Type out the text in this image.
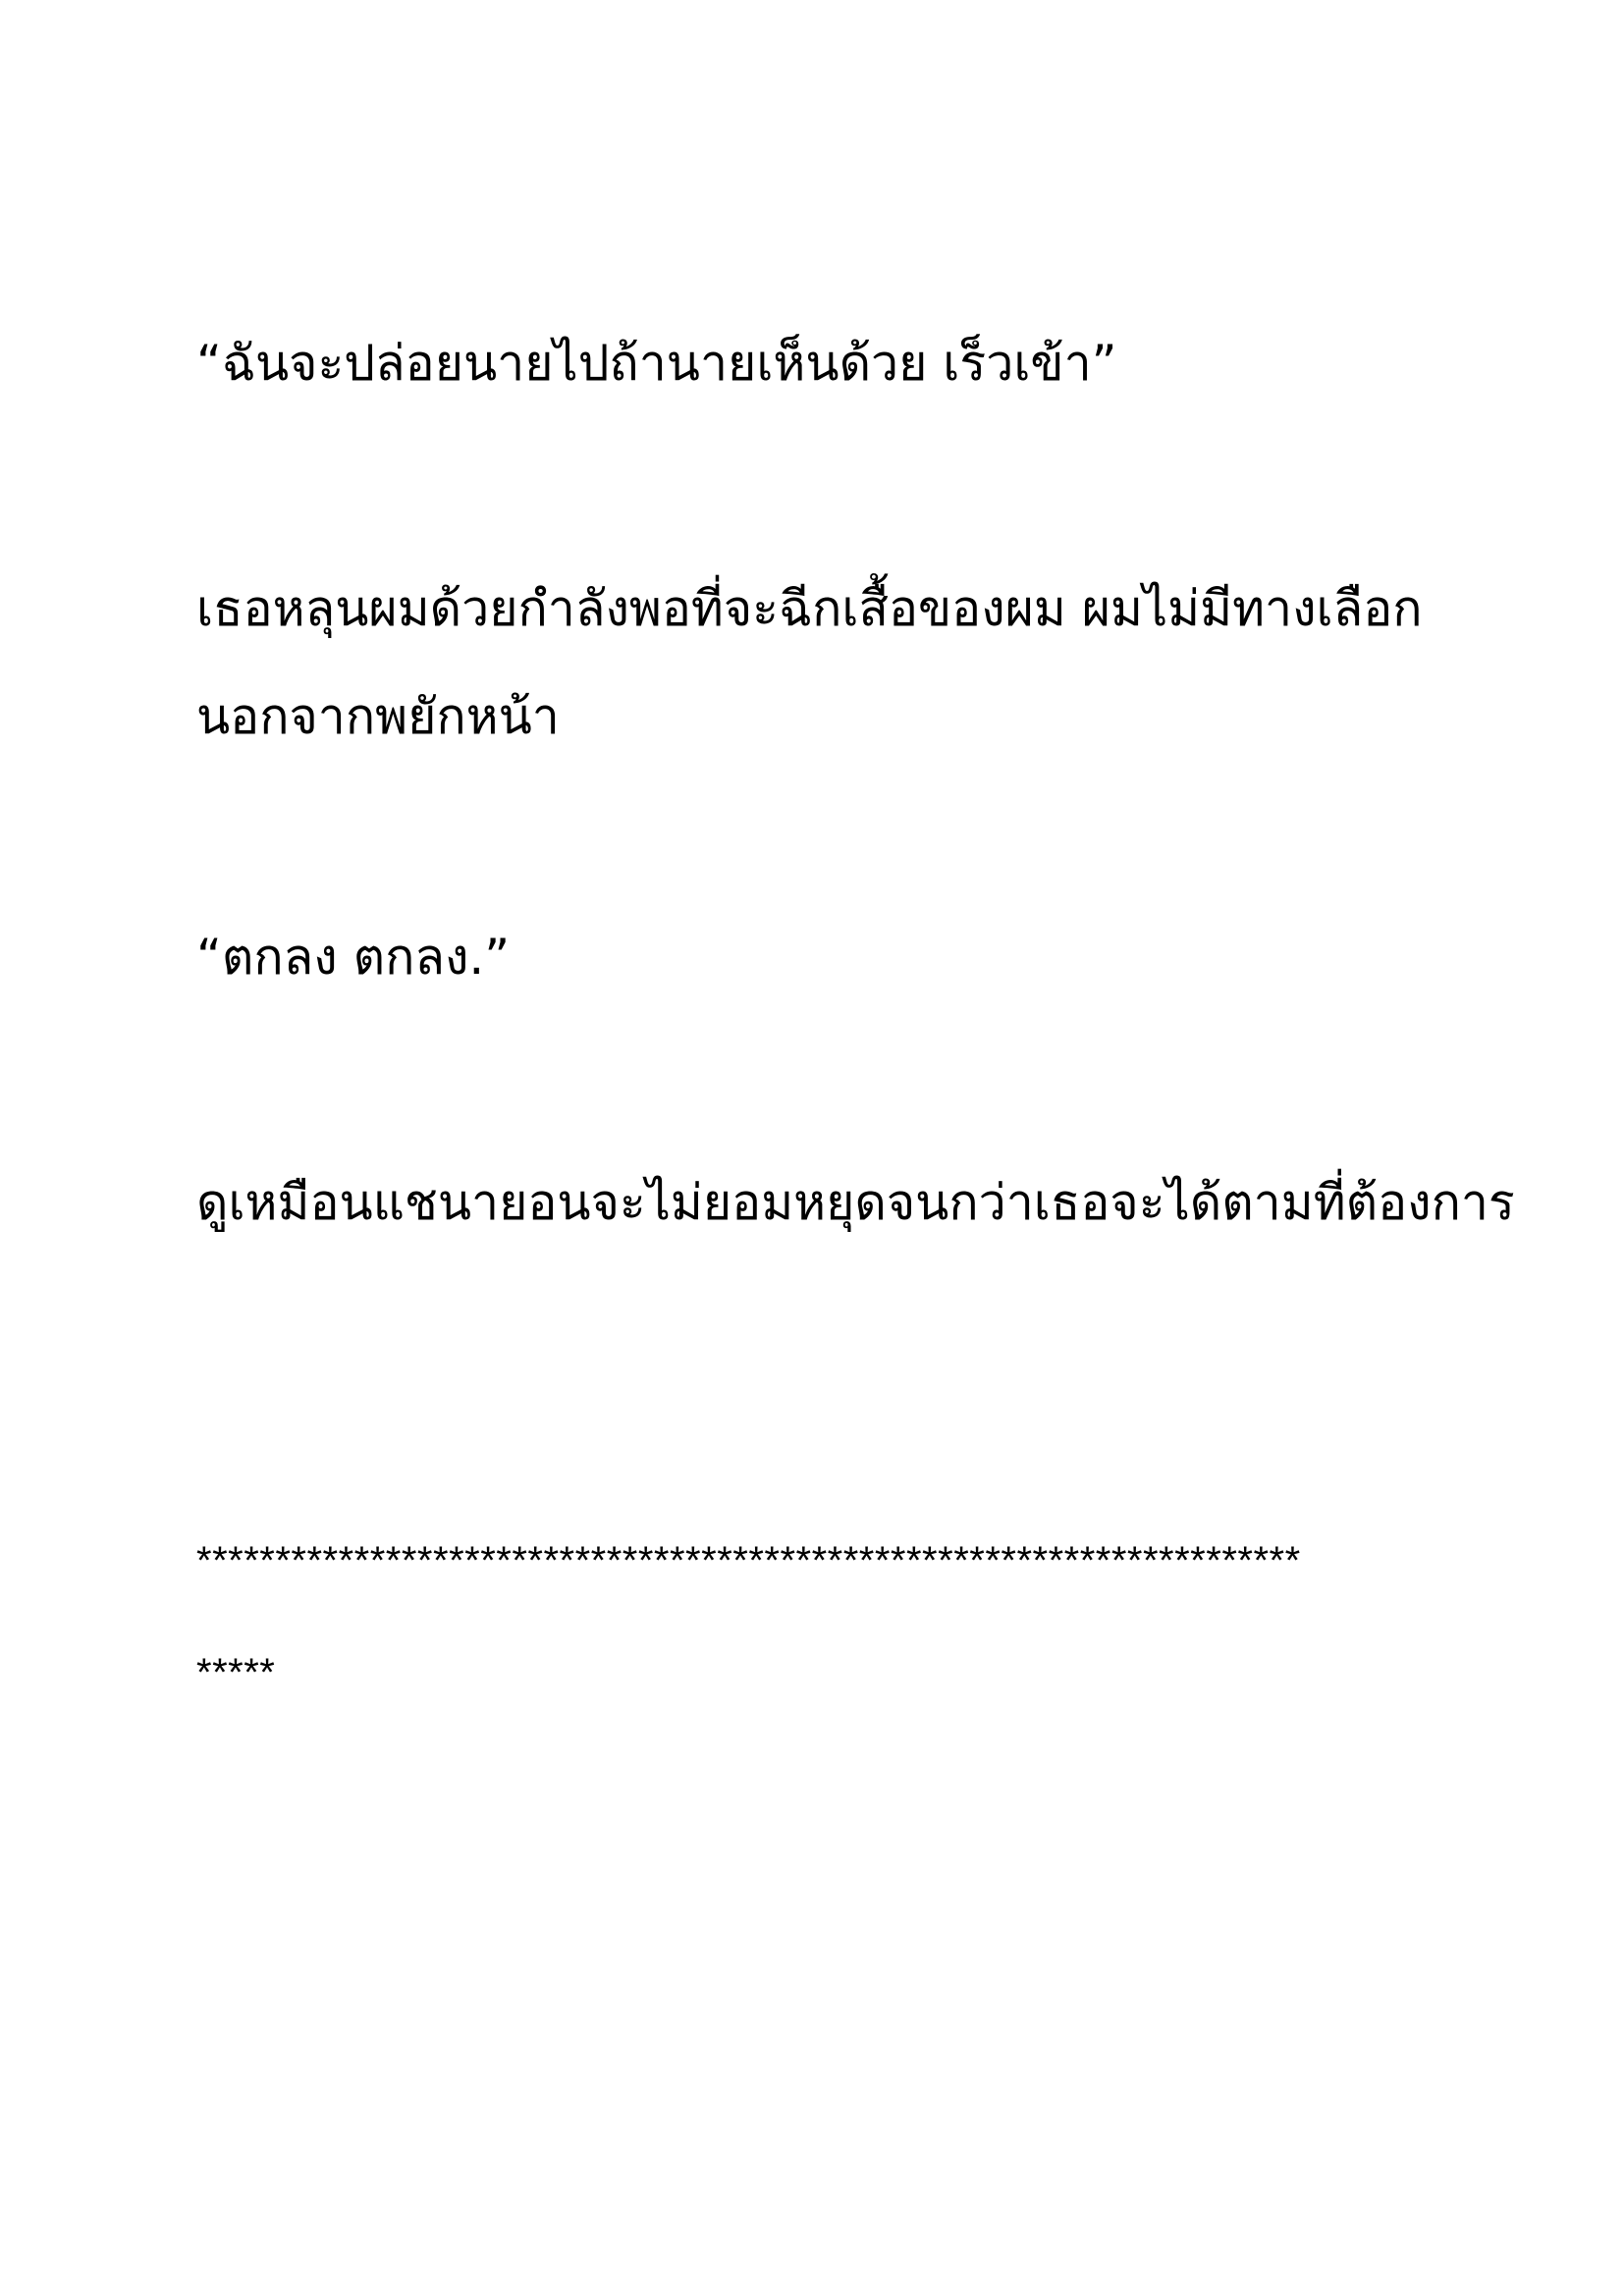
“ฉันจะปล่อยนายไปถ้านายเห็นด้วย เร็วเข้า”

เธอหลุนผมด้วยกำลังพอที่จะฉีกเสื้อของผม ผมไม่มีทางเลือก

นอกจากพยักหน้า

“ตกลง ตกลง.”

ดูเหมือนแชนายอนจะไม่ยอมหยุดจนกว่าเธอจะได้ตามที่ต้องการ

**********************************************************************

*****
